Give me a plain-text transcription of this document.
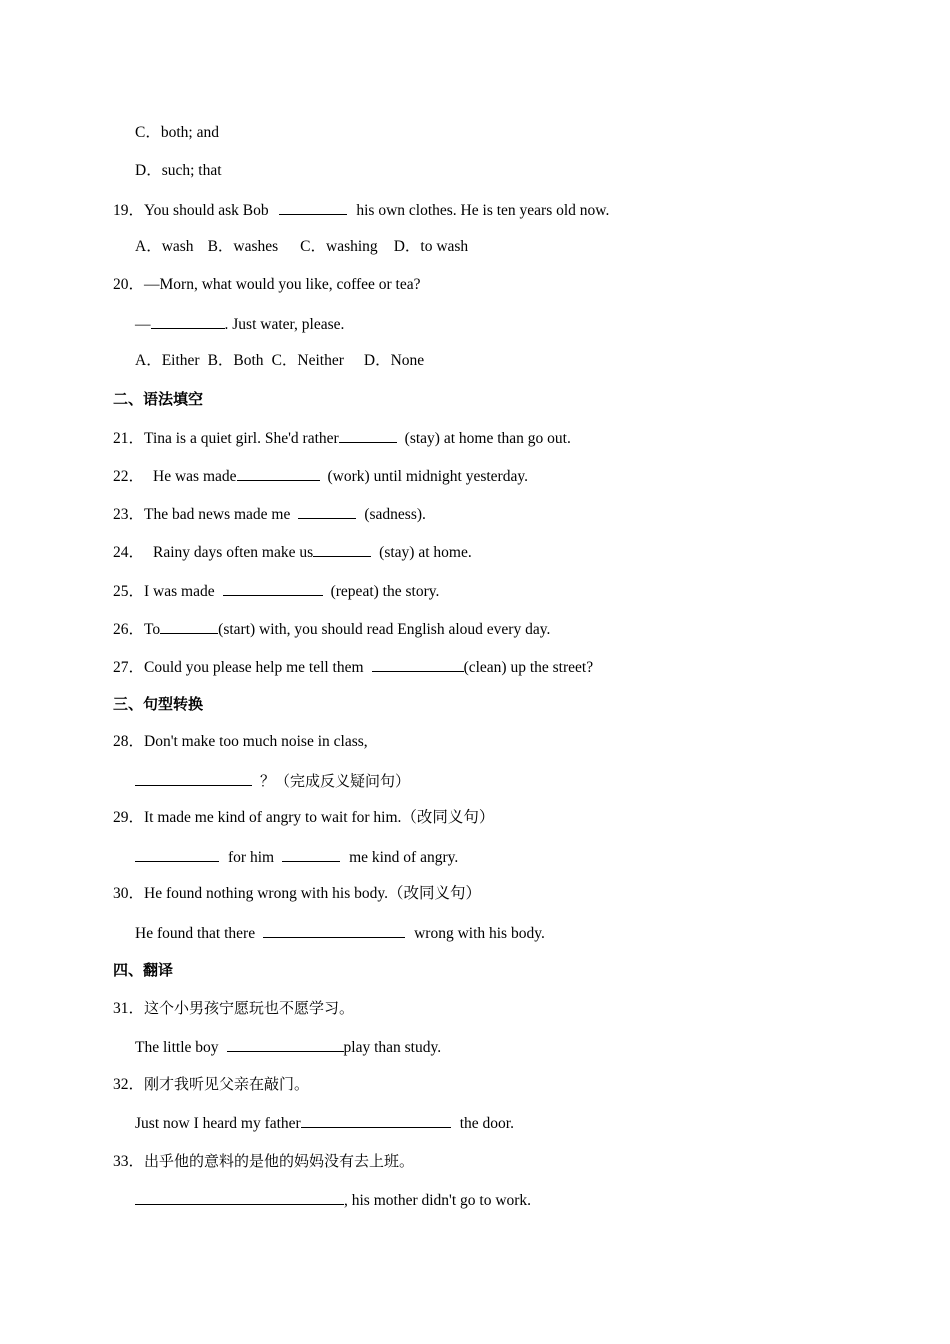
C．both; and
D．such; that
19．You should ask Bob	his own clothes. He is ten years old now.
A．wash B．washes C．washing D．to wash
20．—Morn, what would you like, coffee or tea?
—	. Just water, please.
A．Either B．Both C．Neither D．None
二、语法填空
21．Tina is a quiet girl. She'd rather	(stay) at home than go out.
22． He was made	(work) until midnight yesterday.
23．The bad news made me	(sadness).
24． Rainy days often make us	(stay) at home.
25．I was made	(repeat) the story.
26．To	(start) with, you should read English aloud every day.
27．Could you please help me tell them	(clean) up the street?
三、句型转换
28．Don't make too much noise in class,
？（完成反义疑问句）
29．It made me kind of angry to wait for him.（改同义句）
for him	me kind of angry.
30．He found nothing wrong with his body.（改同义句）
He found that there	wrong with his body.
四、翻译
31．这个小男孩宁愿玩也不愿学习。
The little boy	play than study.
32．刚才我听见父亲在敲门。
Just now I heard my father	the door.
33．出乎他的意料的是他的妈妈没有去上班。
, his mother didn't go to work.
